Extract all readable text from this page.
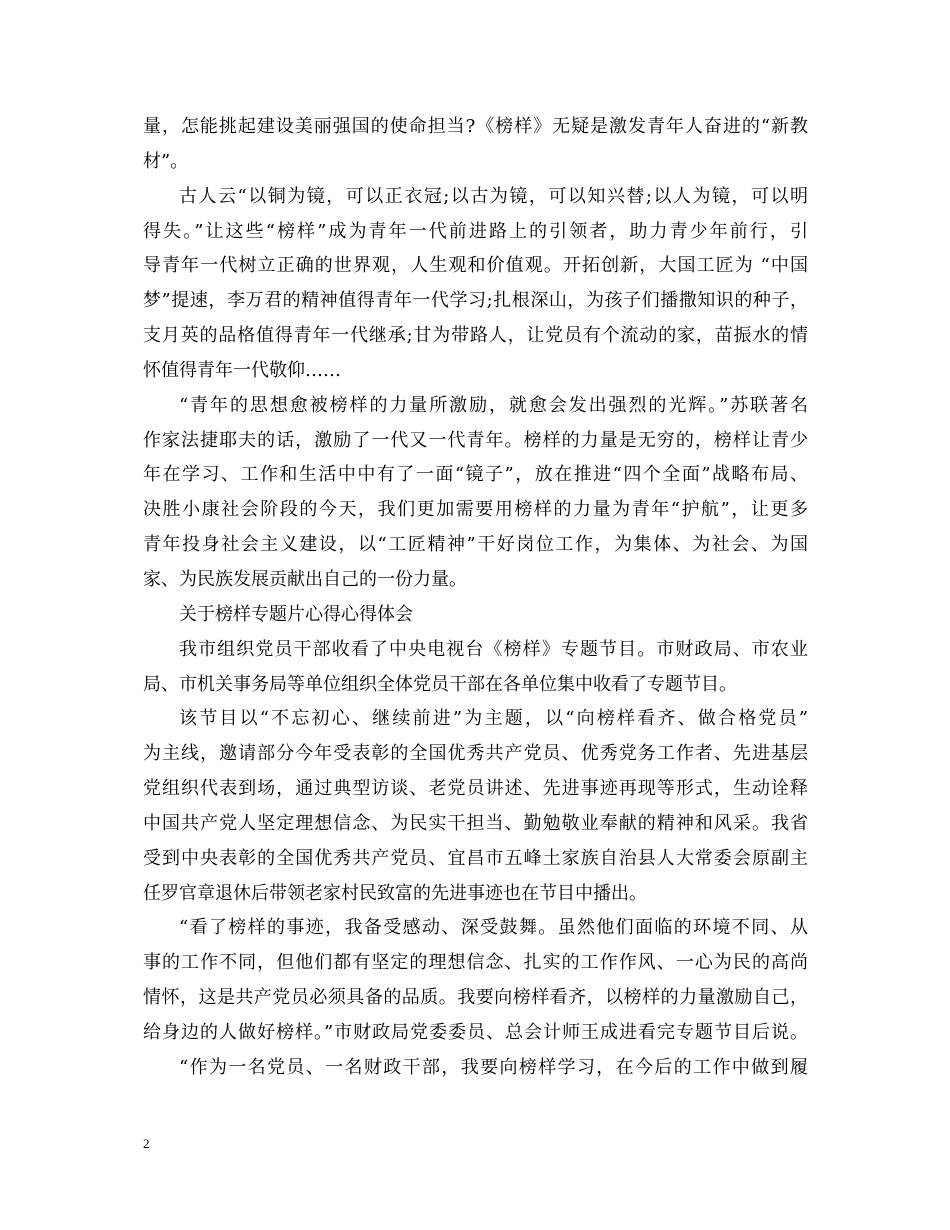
量，怎能挑起建设美丽强国的使命担当?《榜样》无疑是激发青年人奋进的“新教
材”。
古人云“以铜为镜，可以正衣冠;以古为镜，可以知兴替;以人为镜，可以明
得失。”让这些“榜样”成为青年一代前进路上的引领者，助力青少年前行，引
导青年一代树立正确的世界观，人生观和价值观。开拓创新，大国工匠为 “中国
梦”提速，李万君的精神值得青年一代学习;扎根深山，为孩子们播撒知识的种子，
支月英的品格值得青年一代继承;甘为带路人，让党员有个流动的家，苗振水的情
怀值得青年一代敬仰……
“青年的思想愈被榜样的力量所激励，就愈会发出强烈的光辉。”苏联著名
作家法捷耶夫的话，激励了一代又一代青年。榜样的力量是无穷的，榜样让青少
年在学习、工作和生活中中有了一面“镜子”，放在推进“四个全面”战略布局、
决胜小康社会阶段的今天，我们更加需要用榜样的力量为青年“护航”，让更多
青年投身社会主义建设，以“工匠精神”干好岗位工作，为集体、为社会、为国
家、为民族发展贡献出自己的一份力量。
关于榜样专题片心得心得体会
我市组织党员干部收看了中央电视台《榜样》专题节目。市财政局、市农业
局、市机关事务局等单位组织全体党员干部在各单位集中收看了专题节目。
该节目以“不忘初心、继续前进”为主题，以“向榜样看齐、做合格党员”
为主线，邀请部分今年受表彰的全国优秀共产党员、优秀党务工作者、先进基层
党组织代表到场，通过典型访谈、老党员讲述、先进事迹再现等形式，生动诠释
中国共产党人坚定理想信念、为民实干担当、勤勉敬业奉献的精神和风采。我省
受到中央表彰的全国优秀共产党员、宜昌市五峰土家族自治县人大常委会原副主
任罗官章退休后带领老家村民致富的先进事迹也在节目中播出。
“看了榜样的事迹，我备受感动、深受鼓舞。虽然他们面临的环境不同、从
事的工作不同，但他们都有坚定的理想信念、扎实的工作作风、一心为民的高尚
情怀，这是共产党员必须具备的品质。我要向榜样看齐，以榜样的力量激励自己，
给身边的人做好榜样。”市财政局党委委员、总会计师王成进看完专题节目后说。
“作为一名党员、一名财政干部，我要向榜样学习，在今后的工作中做到履
2
